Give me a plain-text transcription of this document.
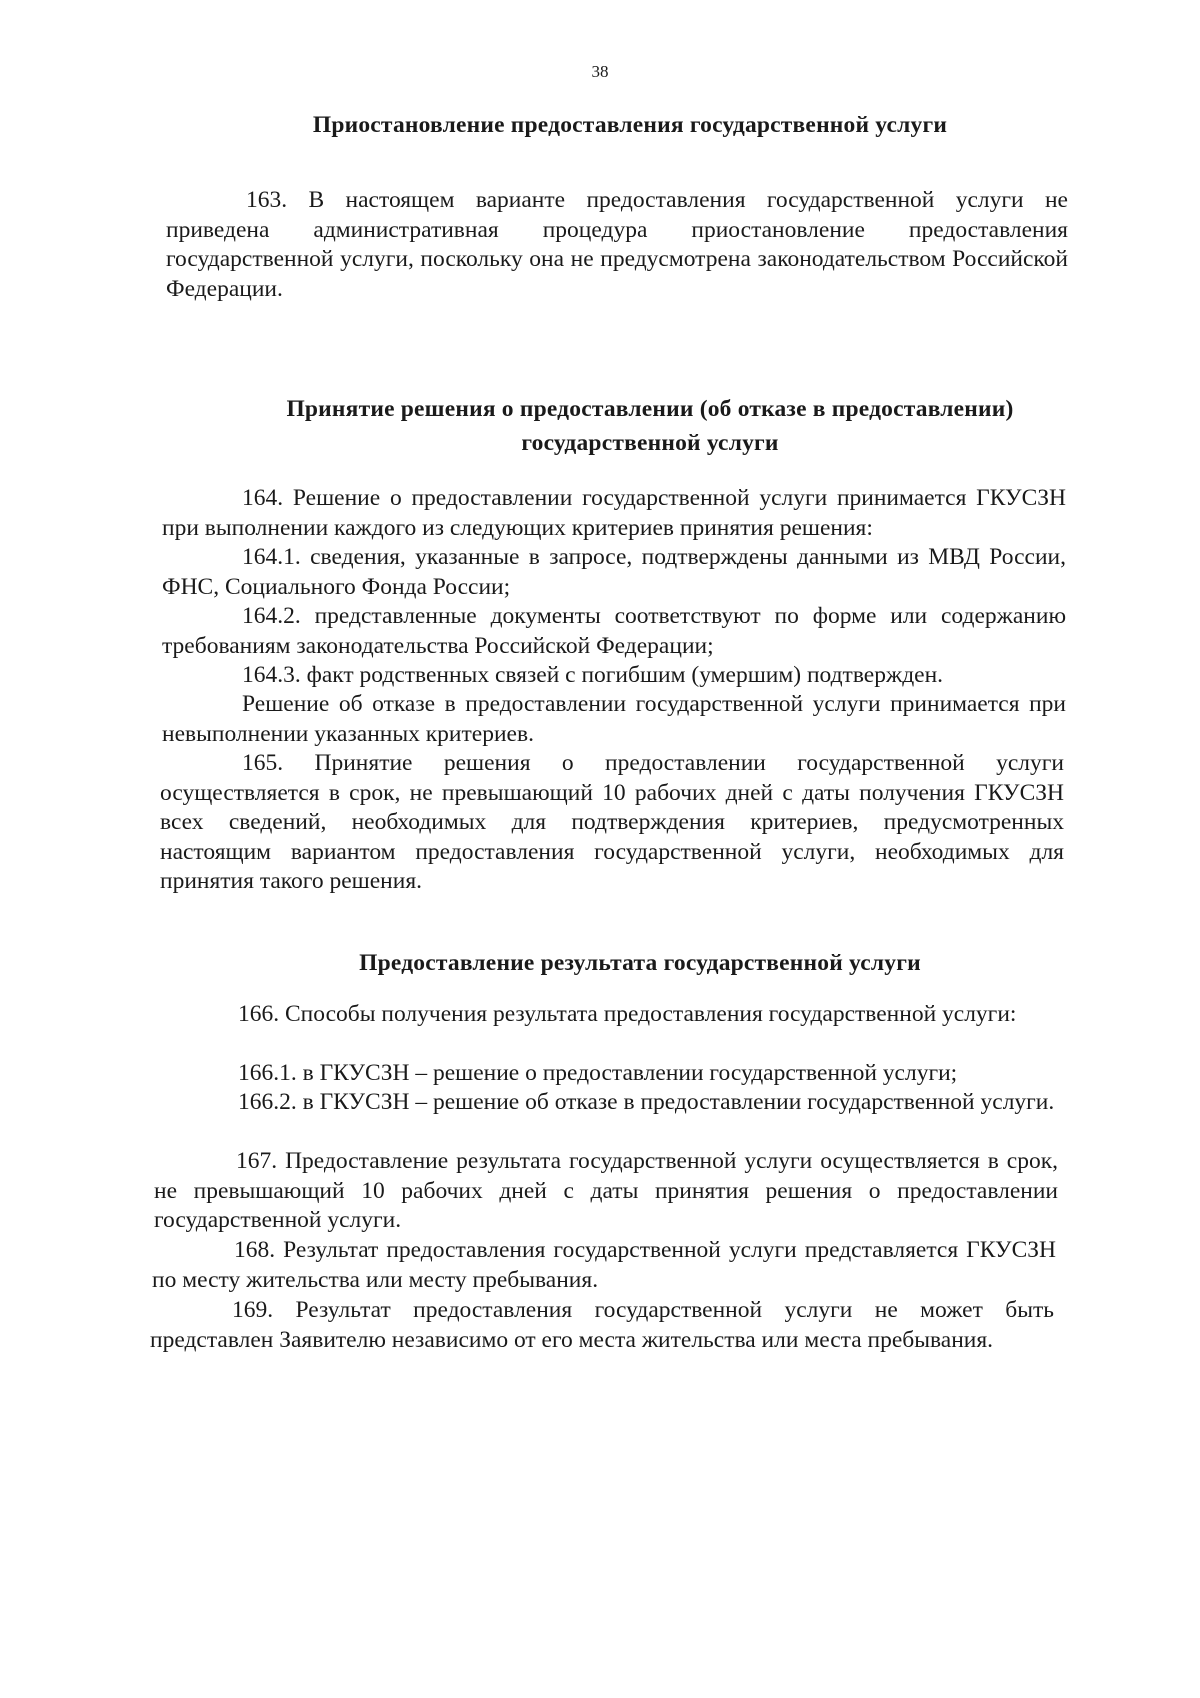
38
Приостановление предоставления государственной услуги
163. В настоящем варианте предоставления государственной услуги не приведена административная процедура приостановление предоставления государственной услуги, поскольку она не предусмотрена законодательством Российской Федерации.
Принятие решения о предоставлении (об отказе в предоставлении)
государственной услуги
164. Решение о предоставлении государственной услуги принимается ГКУСЗН при выполнении каждого из следующих критериев принятия решения:
164.1. сведения, указанные в запросе, подтверждены данными из МВД России, ФНС, Социального Фонда России;
164.2. представленные документы соответствуют по форме или содержанию требованиям законодательства Российской Федерации;
164.3. факт родственных связей с погибшим (умершим) подтвержден.
Решение об отказе в предоставлении государственной услуги принимается при невыполнении указанных критериев.
165. Принятие решения о предоставлении государственной услуги осуществляется в срок, не превышающий 10 рабочих дней с даты получения ГКУСЗН всех сведений, необходимых для подтверждения критериев, предусмотренных настоящим вариантом предоставления государственной услуги, необходимых для принятия такого решения.
Предоставление результата государственной услуги
166. Способы получения результата предоставления государственной услуги:
166.1. в ГКУСЗН – решение о предоставлении государственной услуги;
166.2. в ГКУСЗН – решение об отказе в предоставлении государственной услуги.
167. Предоставление результата государственной услуги осуществляется в срок, не превышающий 10 рабочих дней с даты принятия решения о предоставлении государственной услуги.
168. Результат предоставления государственной услуги представляется ГКУСЗН по месту жительства или месту пребывания.
169. Результат предоставления государственной услуги не может быть представлен Заявителю независимо от его места жительства или места пребывания.
